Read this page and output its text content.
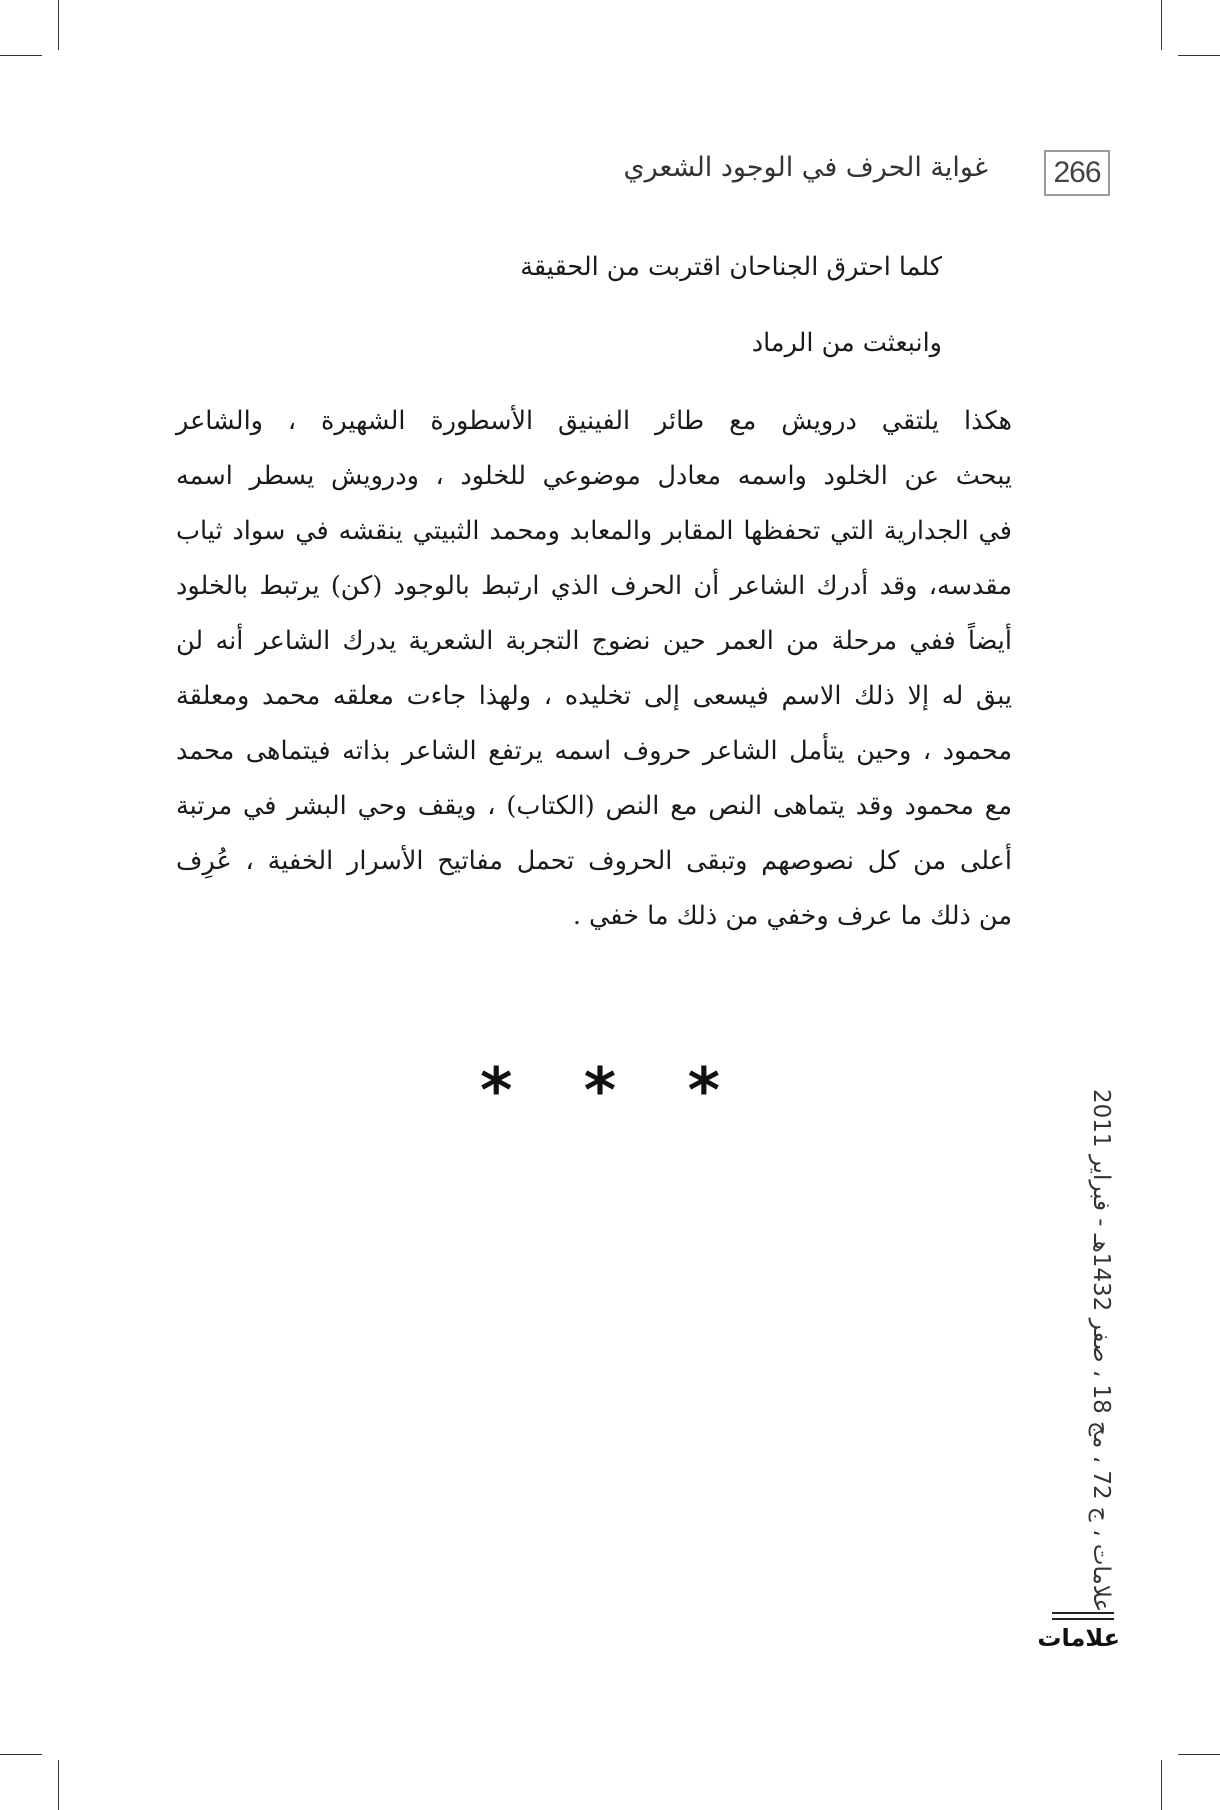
266
غواية الحرف في الوجود الشعري
كلما احترق الجناحان اقتربت من الحقيقة
وانبعثت من الرماد
هكذا يلتقي درويش مع طائر الفينيق الأسطورة الشهيرة ، والشاعر
يبحث عن الخلود واسمه معادل موضوعي للخلود ، ودرويش يسطر اسمه
في الجدارية التي تحفظها المقابر والمعابد ومحمد الثبيتي ينقشه في سواد ثياب
مقدسه، وقد أدرك الشاعر أن الحرف الذي ارتبط بالوجود (كن) يرتبط بالخلود
أيضاً ففي مرحلة من العمر حين نضوج التجربة الشعرية يدرك الشاعر أنه لن
يبق له إلا ذلك الاسم فيسعى إلى تخليده ، ولهذا جاءت معلقه محمد ومعلقة
محمود ، وحين يتأمل الشاعر حروف اسمه يرتفع الشاعر بذاته فيتماهى محمد
مع محمود وقد يتماهى النص مع النص (الكتاب) ، ويقف وحي البشر في مرتبة
أعلى من كل نصوصهم وتبقى الحروف تحمل مفاتيح الأسرار الخفية ، عُرِف
من ذلك ما عرف وخفي من ذلك ما خفي .
* * *	علامات ، ج 72 ، مج 18 ، صفر 1432هـ - فبراير 2011
علامات
